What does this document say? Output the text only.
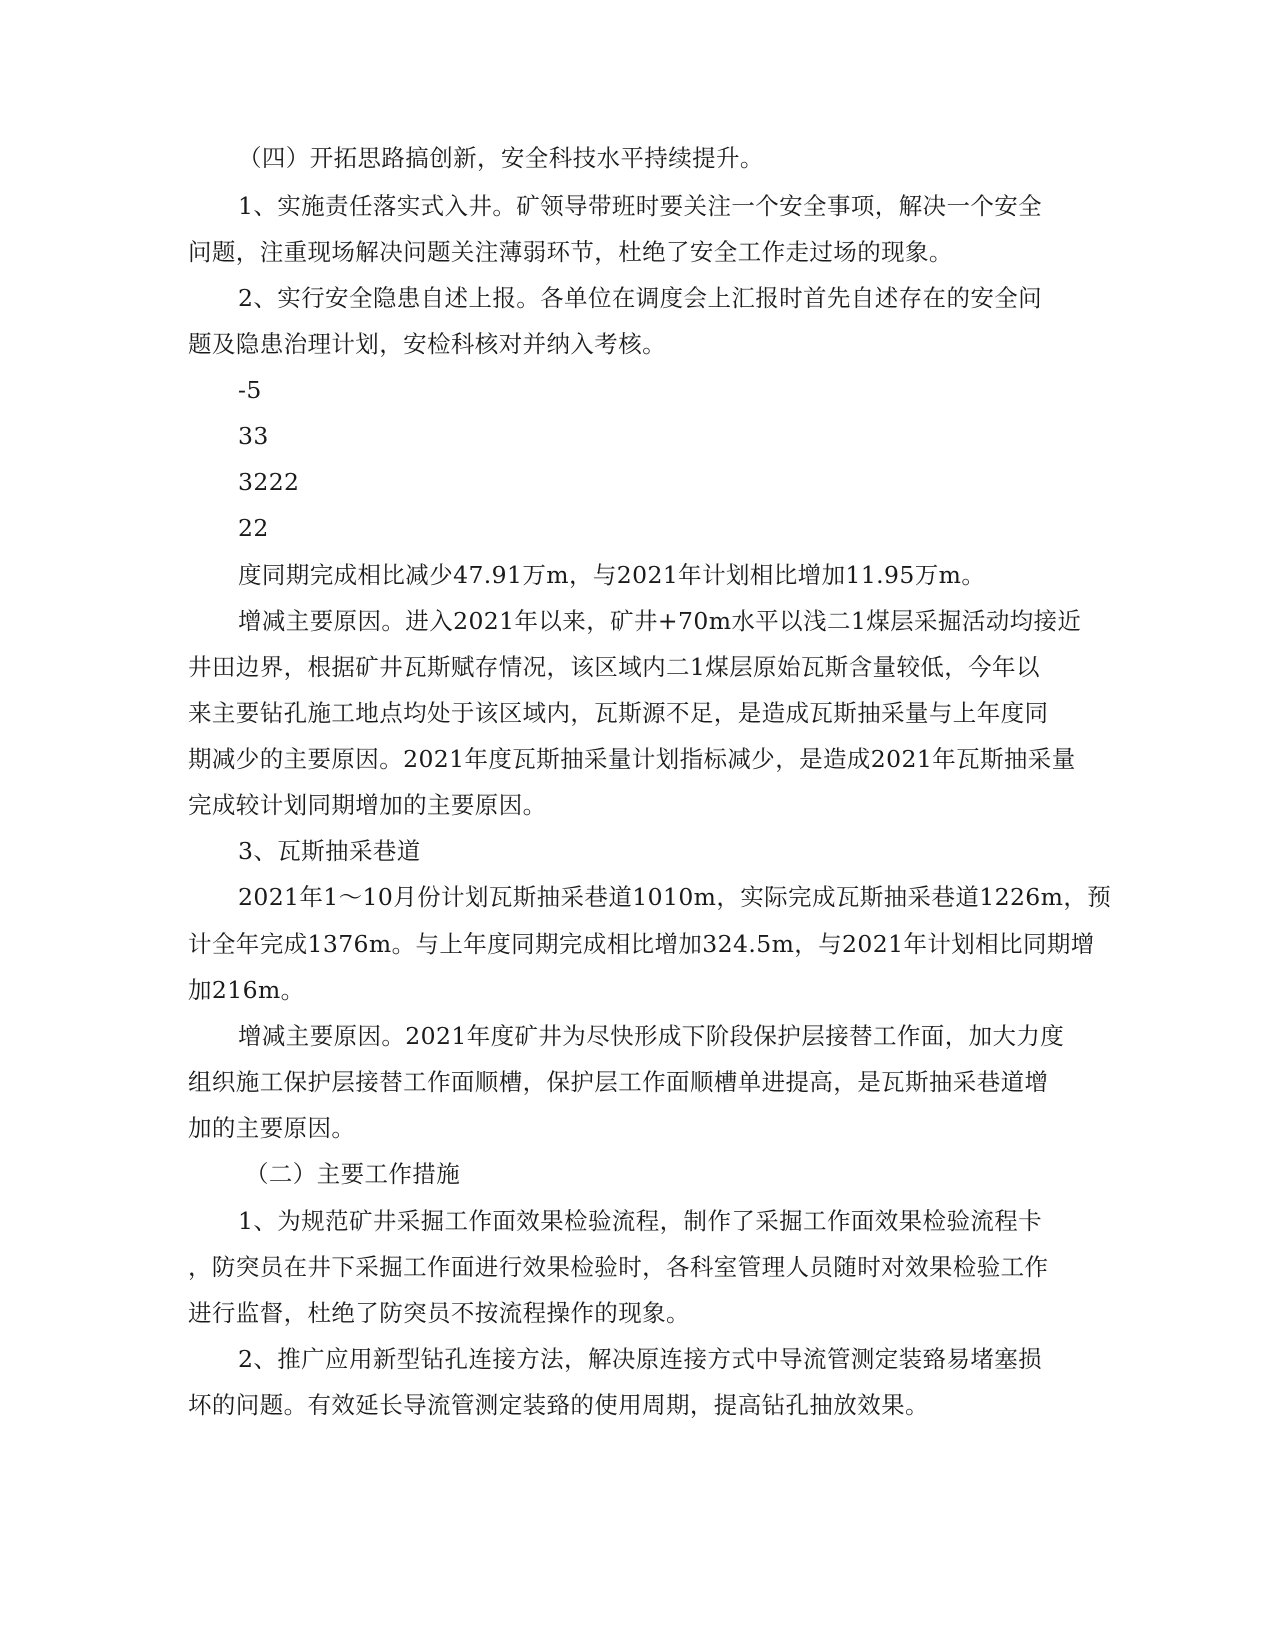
（四）开拓思路搞创新，安全科技水平持续提升。

1、实施责任落实式入井。矿领导带班时要关注一个安全事项，解决一个安全

问题，注重现场解决问题关注薄弱环节，杜绝了安全工作走过场的现象。

2、实行安全隐患自述上报。各单位在调度会上汇报时首先自述存在的安全问

题及隐患治理计划，安检科核对并纳入考核。

-5

33

3222

22

度同期完成相比减少47.91万m，与2021年计划相比增加11.95万m。

增减主要原因。进入2021年以来，矿井+70m水平以浅二1煤层采掘活动均接近

井田边界，根据矿井瓦斯赋存情况，该区域内二1煤层原始瓦斯含量较低，今年以

来主要钻孔施工地点均处于该区域内，瓦斯源不足，是造成瓦斯抽采量与上年度同

期减少的主要原因。2021年度瓦斯抽采量计划指标减少，是造成2021年瓦斯抽采量

完成较计划同期增加的主要原因。

3、瓦斯抽采巷道

2021年1～10月份计划瓦斯抽采巷道1010m，实际完成瓦斯抽采巷道1226m，预

计全年完成1376m。与上年度同期完成相比增加324.5m，与2021年计划相比同期增

加216m。

增减主要原因。2021年度矿井为尽快形成下阶段保护层接替工作面，加大力度

组织施工保护层接替工作面顺槽，保护层工作面顺槽单进提高，是瓦斯抽采巷道增

加的主要原因。

（二）主要工作措施

1、为规范矿井采掘工作面效果检验流程，制作了采掘工作面效果检验流程卡

，防突员在井下采掘工作面进行效果检验时，各科室管理人员随时对效果检验工作

进行监督，杜绝了防突员不按流程操作的现象。

2、推广应用新型钻孔连接方法，解决原连接方式中导流管测定装臵易堵塞损

坏的问题。有效延长导流管测定装臵的使用周期，提高钻孔抽放效果。
